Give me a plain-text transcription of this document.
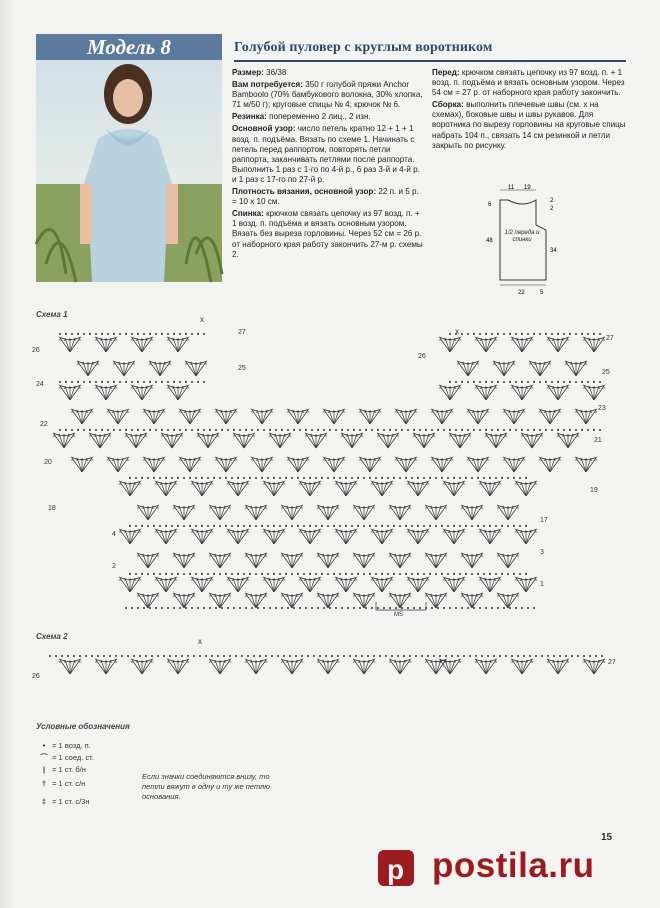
Модель 8	Голубой пуловер с круглым воротником

Размер: 36/38

Вам потребуется: 350 г голубой пряжи Anchor Bamboolo (70% бамбукового волокна, 30% хлопка, 71 м/50 г); круговые спицы № 4; крючок № 6.

Резинка: попеременно 2 лиц., 2 изн.

Основной узор: число петель кратно 12 + 1 + 1 возд. п. подъёма. Вязать по схеме 1. Начинать с петель перед раппортом, повторять петли раппорта, заканчивать петлями после раппорта. Выполнить 1 раз с 1-го по 4-й р., 6 раз 3-й и 4-й р. и 1 раз с 17-го по 27-й р.

Плотность вязания, основной узор: 22 п. и 5 р. = 10 х 10 см.

Спинка: крючком связать цепочку из 97 возд. п. + 1 возд. п. подъёма и вязать основным узором. Вязать без выреза горловины. Через 52 см = 26 р. от наборного края работу закончить 27-м р. схемы 2.

Перед: крючком связать цепочку из 97 возд. п. + 1 возд. п. подъёма и вязать основным узором. Через 54 см = 27 р. от наборного края работу закончить.

Сборка: выполнить плечевые швы (см. х на схемах), боковые швы и швы рукавов. Для воротника по вырезу горловины на круговые спицы набрать 104 п., связать 14 см резинкой и петли закрыть по рисунку.

11 19
2
2
6
48
34
22	5
1/2 переда и спинки
Схема 1
26
24
22
20
18
4
2
27
25
23
21
19
17
3
1
27
26
25
x
x
MS
Схема 2
26
27
x
Условные обозначения
• = 1 возд. п.
⌒ = 1 соед. ст.
| = 1 ст. б/н
† = 1 ст. с/н
‡ = 1 ст. с/3н
Если значки соединяются внизу, то петли вяжут в одну и ту же петлю основания.
15
p postila.ru
